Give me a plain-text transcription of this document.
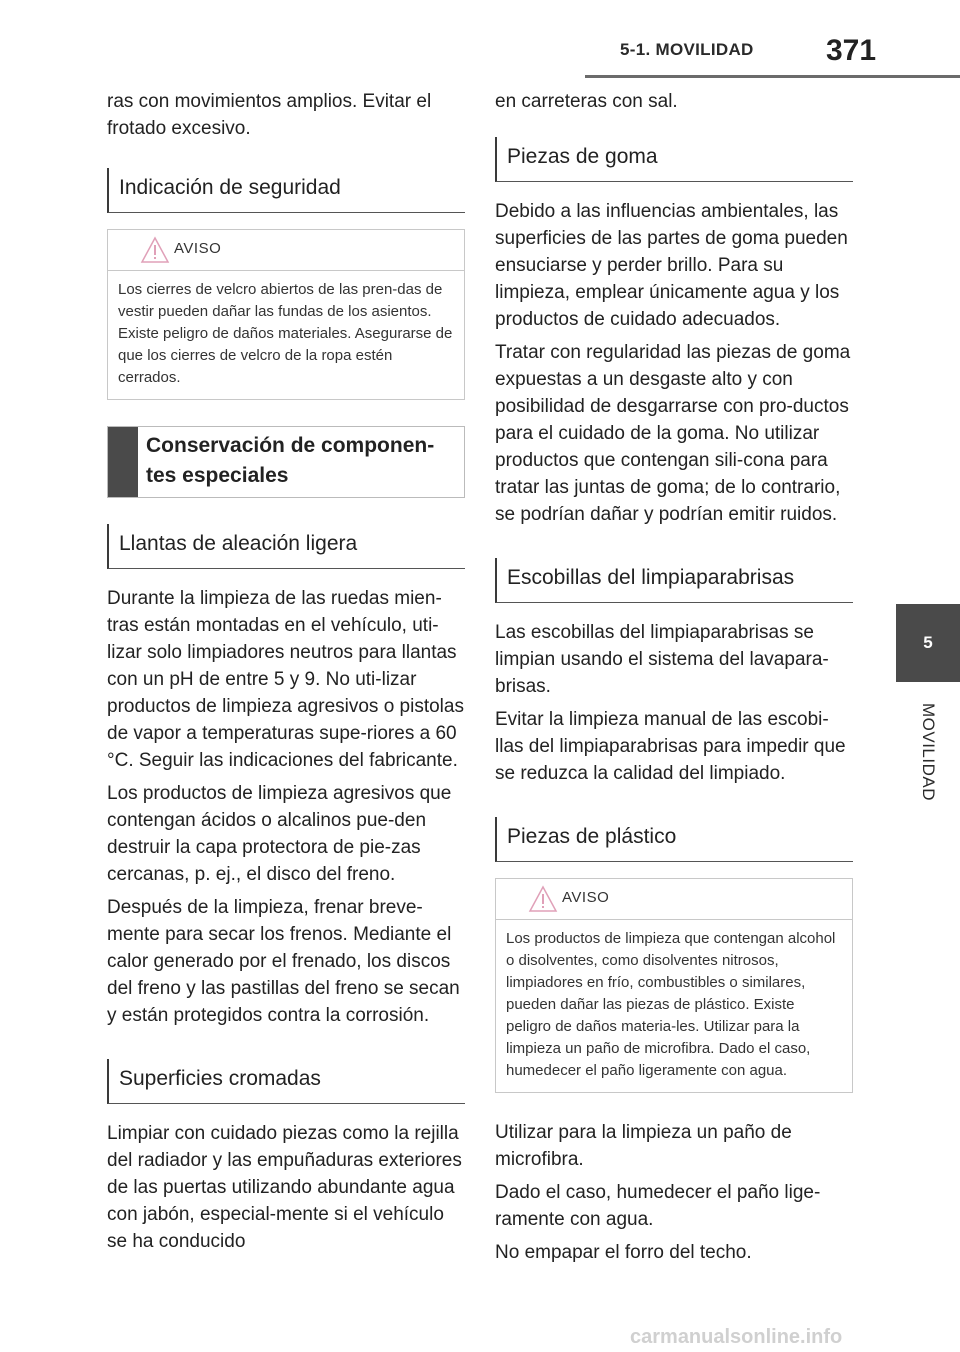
5-1. MOVILIDAD 371
5
MOVILIDAD

ras con movimientos amplios. Evitar el frotado excesivo.

Indicación de seguridad
AVISO
Los cierres de velcro abiertos de las pren-das de vestir pueden dañar las fundas de los asientos. Existe peligro de daños materiales. Asegurarse de que los cierres de velcro de la ropa estén cerrados.
Conservación de componen-tes especiales
Llantas de aleación ligera

Durante la limpieza de las ruedas mien-tras están montadas en el vehículo, uti-lizar solo limpiadores neutros para llantas con un pH de entre 5 y 9. No uti-lizar productos de limpieza agresivos o pistolas de vapor a temperaturas supe-riores a 60 °C. Seguir las indicaciones del fabricante.

Los productos de limpieza agresivos que contengan ácidos o alcalinos pue-den destruir la capa protectora de pie-zas cercanas, p. ej., el disco del freno.

Después de la limpieza, frenar breve-mente para secar los frenos. Mediante el calor generado por el frenado, los discos del freno y las pastillas del freno se secan y están protegidos contra la corrosión.

Superficies cromadas

Limpiar con cuidado piezas como la rejilla del radiador y las empuñaduras exteriores de las puertas utilizando abundante agua con jabón, especial-mente si el vehículo se ha conducido

en carreteras con sal.

Piezas de goma

Debido a las influencias ambientales, las superficies de las partes de goma pueden ensuciarse y perder brillo. Para su limpieza, emplear únicamente agua y los productos de cuidado adecuados.

Tratar con regularidad las piezas de goma expuestas a un desgaste alto y con posibilidad de desgarrarse con pro-ductos para el cuidado de la goma. No utilizar productos que contengan sili-cona para tratar las juntas de goma; de lo contrario, se podrían dañar y podrían emitir ruidos.

Escobillas del limpiaparabrisas

Las escobillas del limpiaparabrisas se limpian usando el sistema del lavapara-brisas.

Evitar la limpieza manual de las escobi-llas del limpiaparabrisas para impedir que se reduzca la calidad del limpiado.

Piezas de plástico
AVISO
Los productos de limpieza que contengan alcohol o disolventes, como disolventes nitrosos, limpiadores en frío, combustibles o similares, pueden dañar las piezas de plástico. Existe peligro de daños materia-les. Utilizar para la limpieza un paño de microfibra. Dado el caso, humedecer el paño ligeramente con agua.

Utilizar para la limpieza un paño de microfibra.

Dado el caso, humedecer el paño lige-ramente con agua.

No empapar el forro del techo.

carmanualsonline.info
